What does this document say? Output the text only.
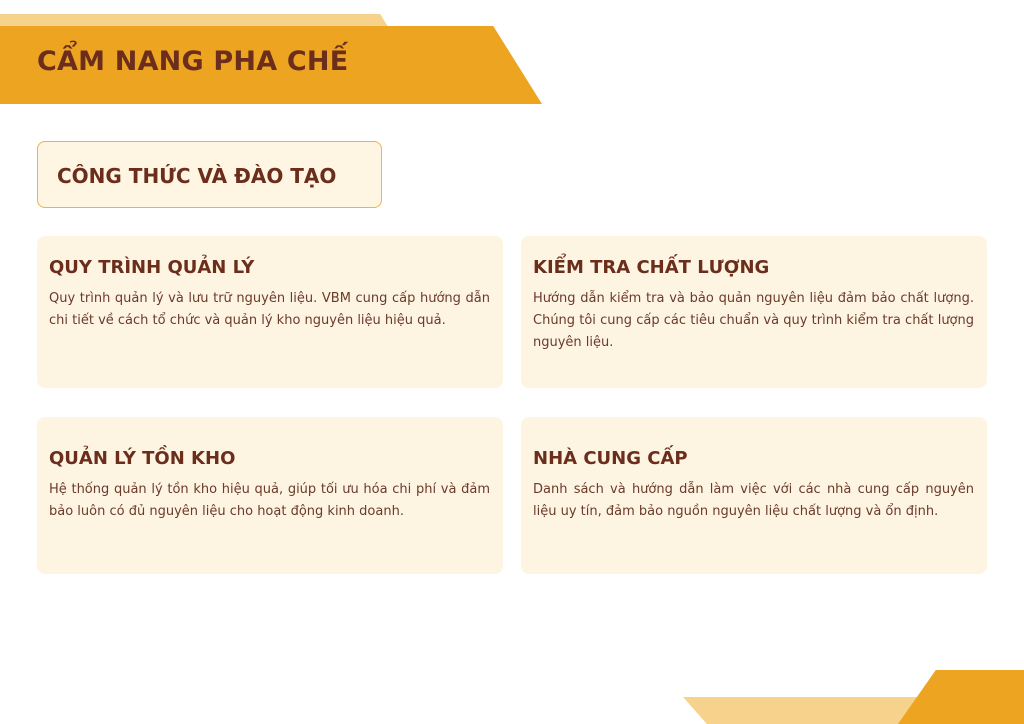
CẨM NANG PHA CHẾ
CÔNG THỨC VÀ ĐÀO TẠO
QUY TRÌNH QUẢN LÝ

Quy trình quản lý và lưu trữ nguyên liệu. VBM cung cấp hướng dẫn chi tiết về cách tổ chức và quản lý kho nguyên liệu hiệu quả.

KIỂM TRA CHẤT LƯỢNG

Hướng dẫn kiểm tra và bảo quản nguyên liệu đảm bảo chất lượng. Chúng tôi cung cấp các tiêu chuẩn và quy trình kiểm tra chất lượng nguyên liệu.

QUẢN LÝ TỒN KHO

Hệ thống quản lý tồn kho hiệu quả, giúp tối ưu hóa chi phí và đảm bảo luôn có đủ nguyên liệu cho hoạt động kinh doanh.

NHÀ CUNG CẤP

Danh sách và hướng dẫn làm việc với các nhà cung cấp nguyên liệu uy tín, đảm bảo nguồn nguyên liệu chất lượng và ổn định.
